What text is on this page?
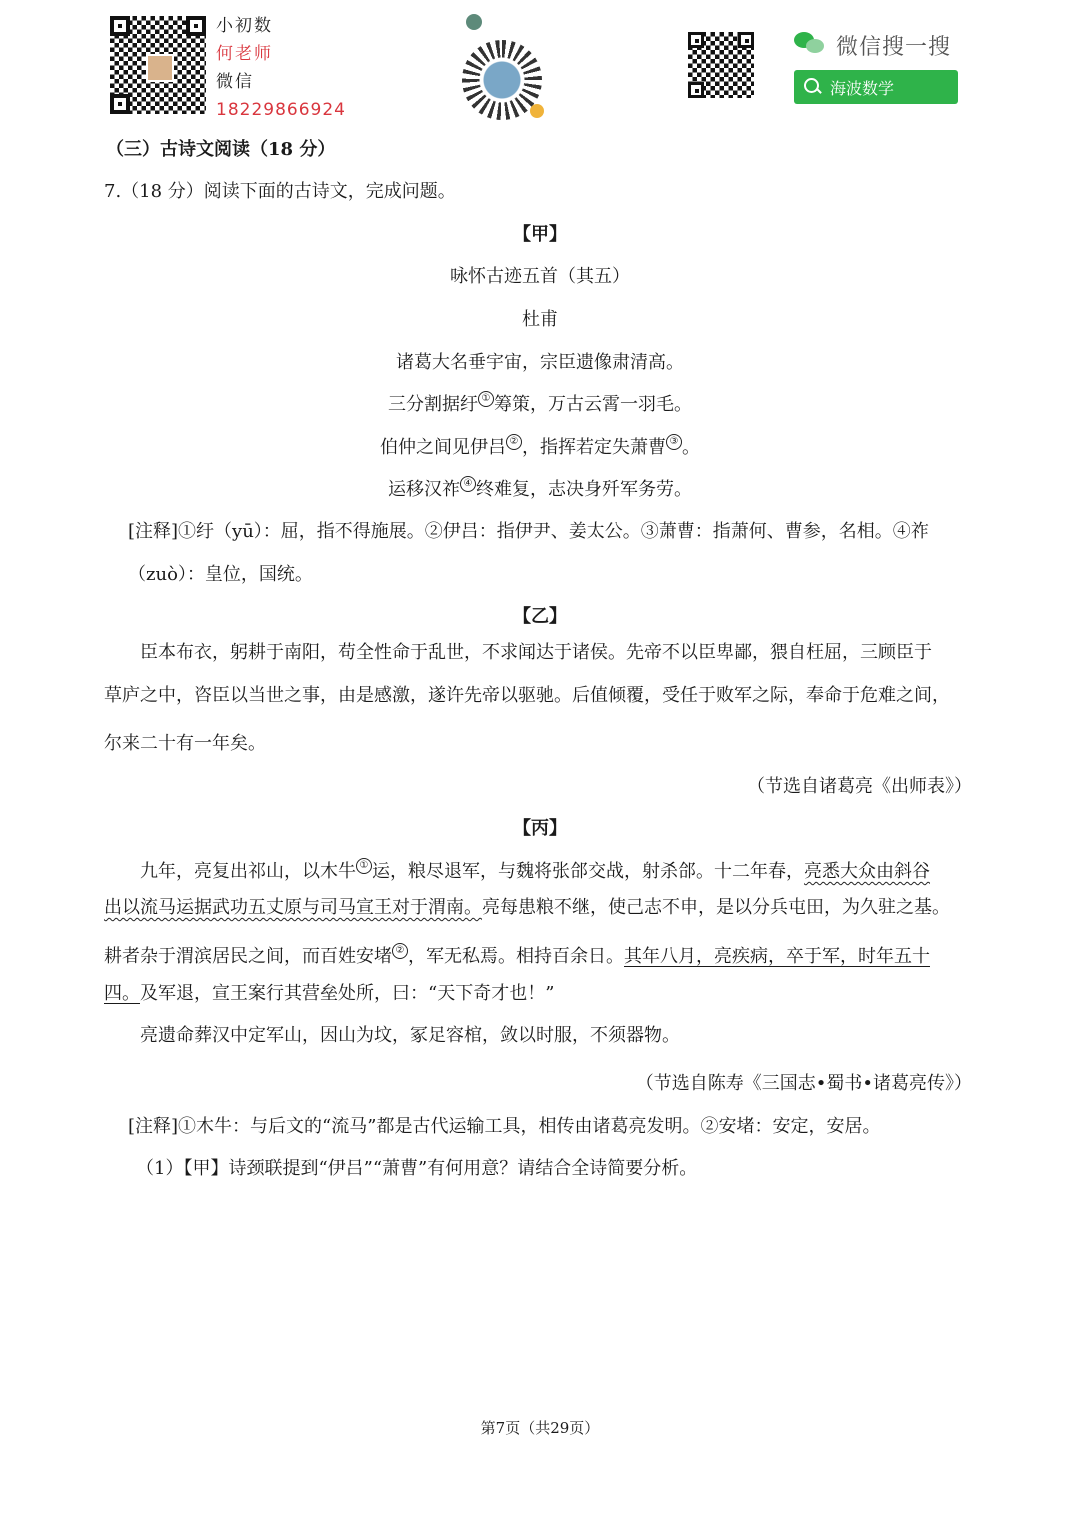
小初数
何老师
微信
18229866924
微信搜一搜
海波数学
（三）古诗文阅读（18 分）
7.（18 分）阅读下面的古诗文，完成问题。
【甲】
咏怀古迹五首（其五）
杜甫
诸葛大名垂宇宙，宗臣遗像肃清高。
三分割据纡 ① 筹策，万古云霄一羽毛。
伯仲之间见伊吕 ② ，指挥若定失萧曹 ③ 。
运移汉祚 ④ 终难复，志决身歼军务劳。
[注释]①纡（yū）：屈，指不得施展。②伊吕：指伊尹、姜太公。③萧曹：指萧何、曹参，名相。④祚
（zuò）：皇位，国统。
【乙】
臣本布衣，躬耕于南阳，苟全性命于乱世，不求闻达于诸侯。先帝不以臣卑鄙，猥自枉屈，三顾臣于
草庐之中，咨臣以当世之事，由是感激，遂许先帝以驱驰。后值倾覆，受任于败军之际，奉命于危难之间，
尔来二十有一年矣。
（节选自诸葛亮《出师表》）
【丙】
九年，亮复出祁山，以木牛 ① 运，粮尽退军，与魏将张郃交战，射杀郃。十二年春，亮悉大众由斜谷
出以流马运据武功五丈原与司马宣王对于渭南。亮每患粮不继，使己志不申，是以分兵屯田，为久驻之基。
耕者杂于渭滨居民之间，而百姓安堵 ② ，军无私焉。相持百余日。其年八月，亮疾病，卒于军，时年五十
四。及军退，宣王案行其营垒处所，曰：“天下奇才也！”
亮遗命葬汉中定军山，因山为坟，冢足容棺，敛以时服，不须器物。
（节选自陈寿《三国志•蜀书•诸葛亮传》）
[注释]①木牛：与后文的“流马”都是古代运输工具，相传由诸葛亮发明。②安堵：安定，安居。
（1）【甲】诗颈联提到“伊吕”“萧曹”有何用意？请结合全诗简要分析。
第7页（共29页）
